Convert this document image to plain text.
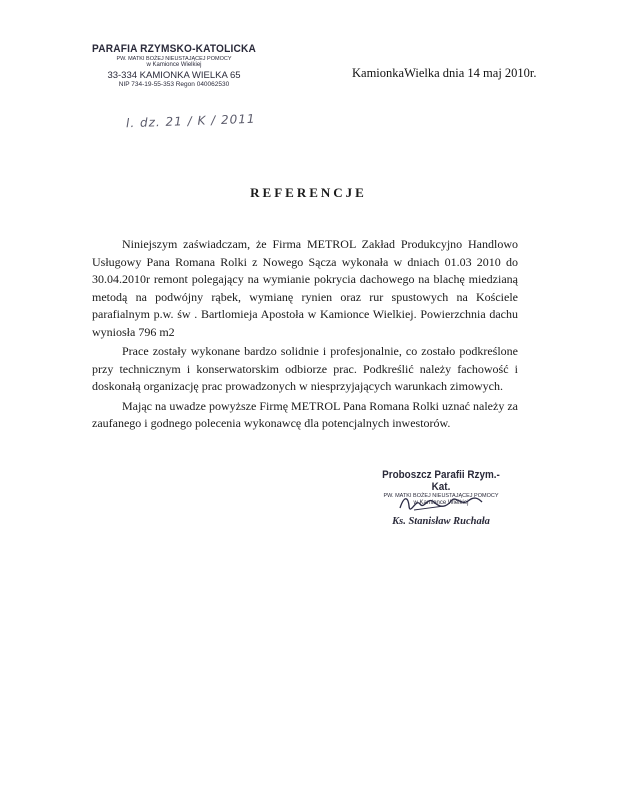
PARAFIA RZYMSKO-KATOLICKA
PW. MATKI BOŻEJ NIEUSTAJĄCEJ POMOCY
w Kamionce Wielkiej
33-334 KAMIONKA WIELKA 65
NIP 734-19-55-353 Regon 040062530
l. dz. 21 / K / 2011
KamionkaWielka dnia 14 maj 2010r.
REFERENCJE

Niniejszym zaświadczam, że Firma METROL Zakład Produkcyjno Handlowo Usługowy Pana Romana Rolki z Nowego Sącza wykonała w dniach 01.03 2010 do 30.04.2010r remont polegający na wymianie pokrycia dachowego na blachę miedzianą metodą na podwójny rąbek, wymianę rynien oraz rur spustowych na Kościele parafialnym p.w. św . Bartlomieja Apostoła w Kamionce Wielkiej. Powierzchnia dachu wyniosła 796 m2

Prace zostały wykonane bardzo solidnie i profesjonalnie, co zostało podkreślone przy technicznym i konserwatorskim odbiorze prac. Podkreślić należy fachowość i doskonałą organizację prac prowadzonych w niesprzyjających warunkach zimowych.

Mając na uwadze powyższe Firmę METROL Pana Romana Rolki uznać należy za zaufanego i godnego polecenia wykonawcę dla potencjalnych inwestorów.

Proboszcz Parafii Rzym.-Kat.
PW. MATKI BOŻEJ NIEUSTAJĄCEJ POMOCY
w Kamionce Wielkiej
Ks. Stanisław Ruchała
